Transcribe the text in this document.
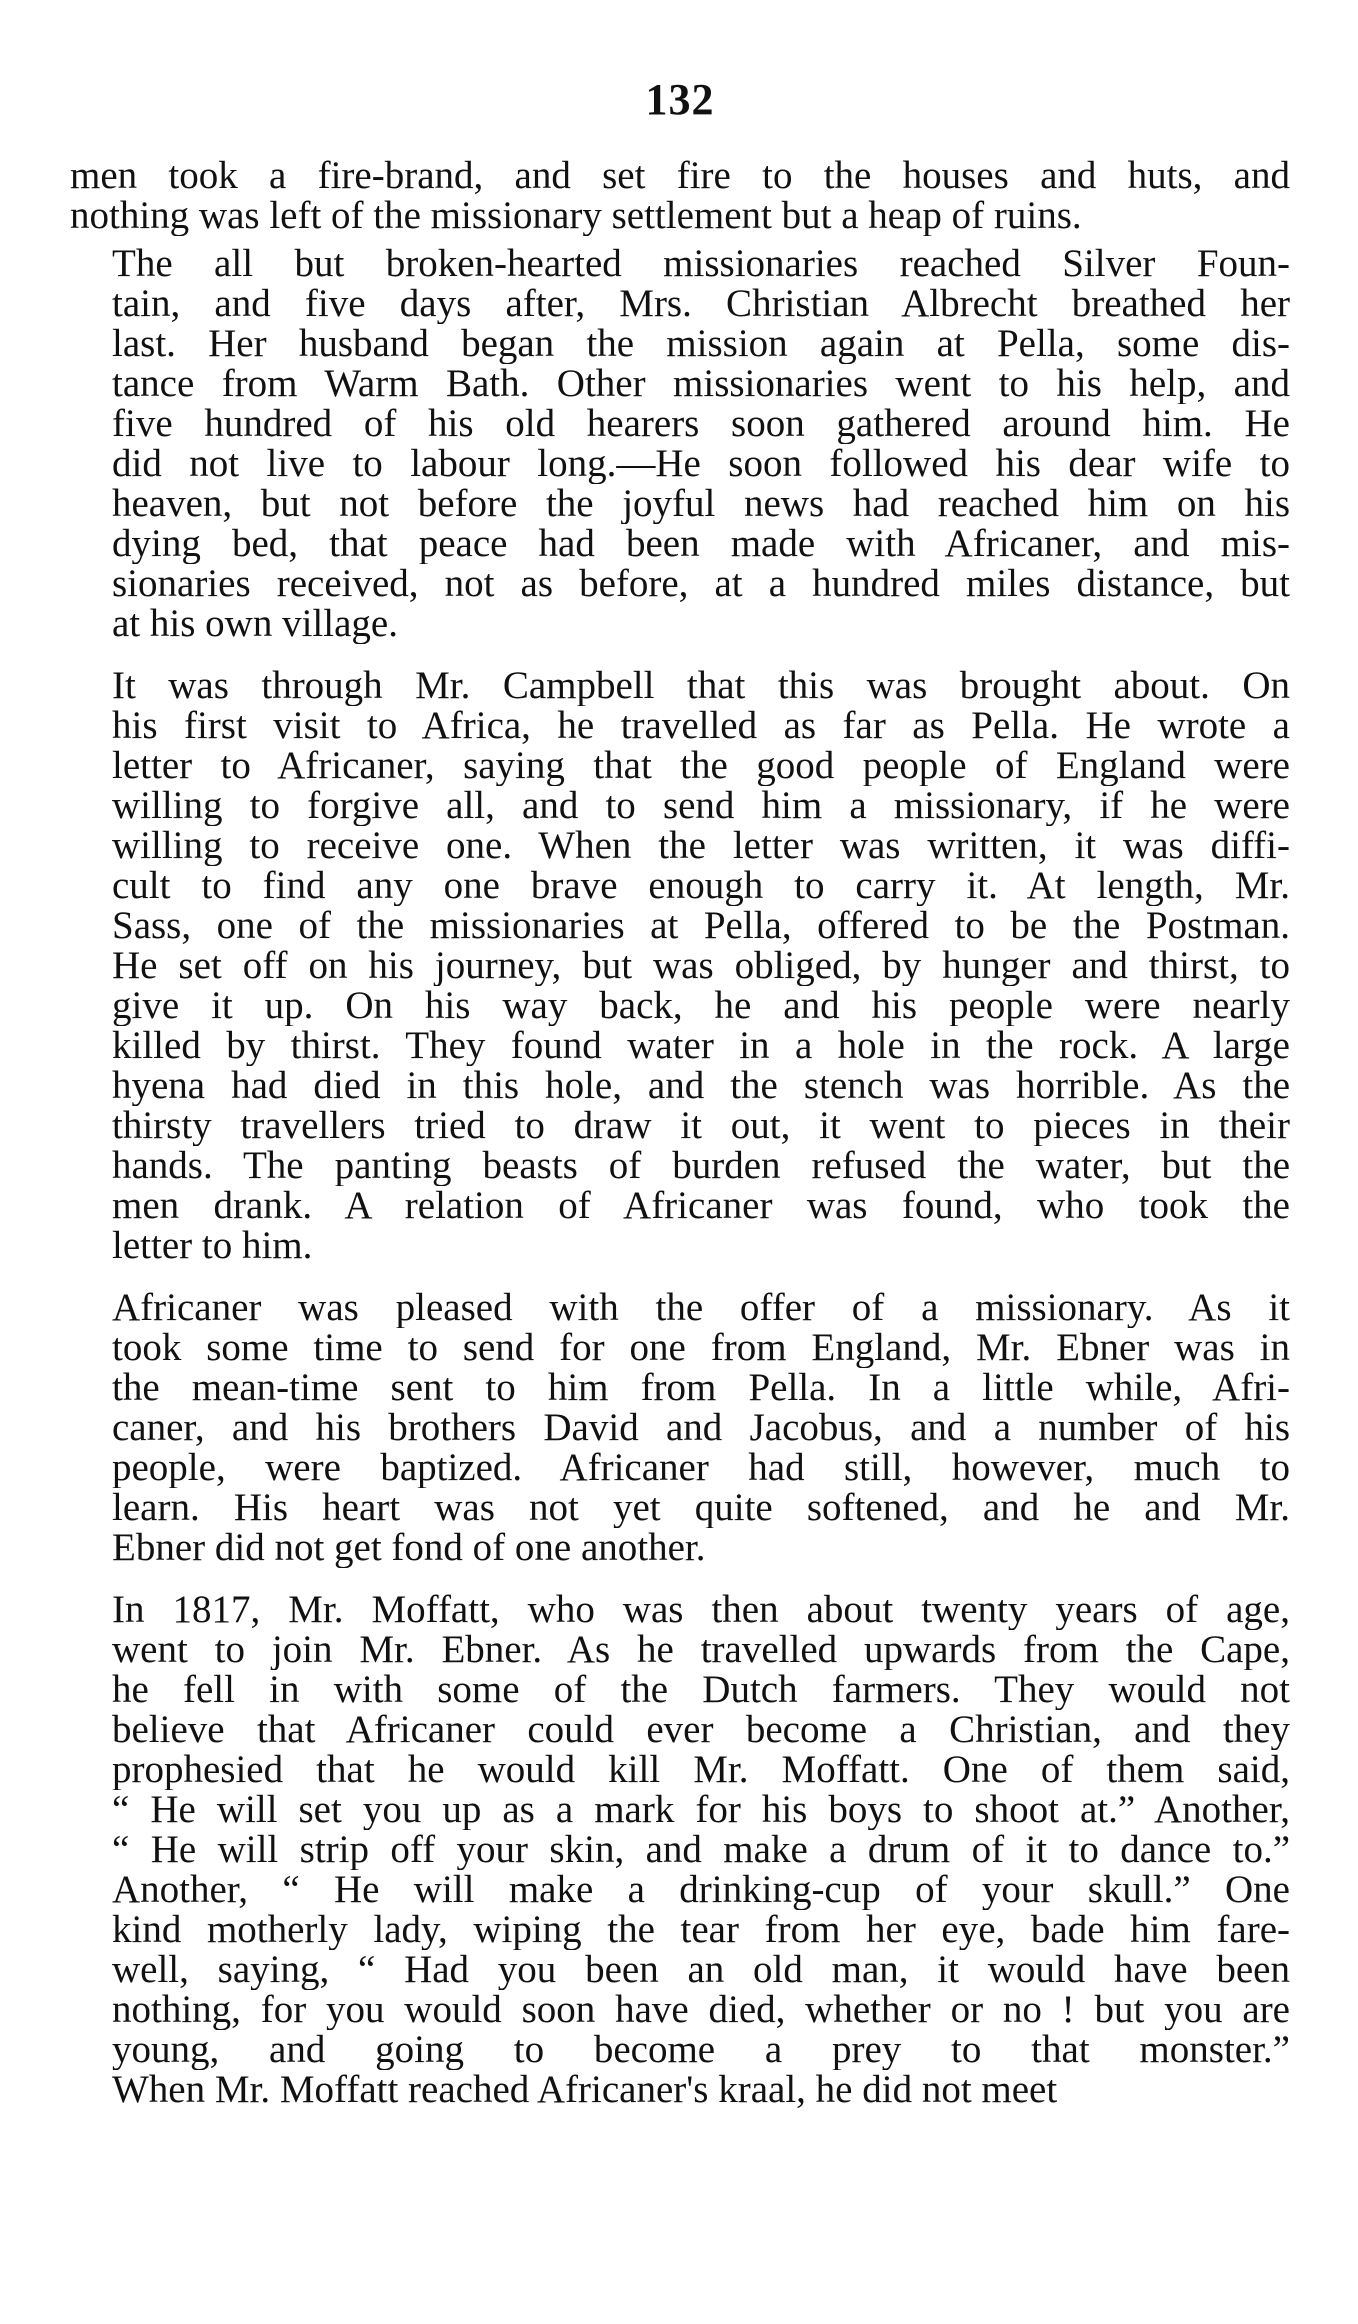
132
men took a fire-brand, and set fire to the houses and huts, and
nothing was left of the missionary settlement but a heap of ruins.
The all but broken-hearted missionaries reached Silver Foun-
tain, and five days after, Mrs. Christian Albrecht breathed her
last. Her husband began the mission again at Pella, some dis-
tance from Warm Bath. Other missionaries went to his help, and
five hundred of his old hearers soon gathered around him. He
did not live to labour long.—He soon followed his dear wife to
heaven, but not before the joyful news had reached him on his
dying bed, that peace had been made with Africaner, and mis-
sionaries received, not as before, at a hundred miles distance, but
at his own village.
It was through Mr. Campbell that this was brought about. On
his first visit to Africa, he travelled as far as Pella. He wrote a
letter to Africaner, saying that the good people of England were
willing to forgive all, and to send him a missionary, if he were
willing to receive one. When the letter was written, it was diffi-
cult to find any one brave enough to carry it. At length, Mr.
Sass, one of the missionaries at Pella, offered to be the Postman.
He set off on his journey, but was obliged, by hunger and thirst, to
give it up. On his way back, he and his people were nearly
killed by thirst. They found water in a hole in the rock. A large
hyena had died in this hole, and the stench was horrible. As the
thirsty travellers tried to draw it out, it went to pieces in their
hands. The panting beasts of burden refused the water, but the
men drank. A relation of Africaner was found, who took the
letter to him.
Africaner was pleased with the offer of a missionary. As it
took some time to send for one from England, Mr. Ebner was in
the mean-time sent to him from Pella. In a little while, Afri-
caner, and his brothers David and Jacobus, and a number of his
people, were baptized. Africaner had still, however, much to
learn. His heart was not yet quite softened, and he and Mr.
Ebner did not get fond of one another.
In 1817, Mr. Moffatt, who was then about twenty years of age,
went to join Mr. Ebner. As he travelled upwards from the Cape,
he fell in with some of the Dutch farmers. They would not
believe that Africaner could ever become a Christian, and they
prophesied that he would kill Mr. Moffatt. One of them said,
“ He will set you up as a mark for his boys to shoot at.” Another,
“ He will strip off your skin, and make a drum of it to dance to.”
Another, “ He will make a drinking-cup of your skull.” One
kind motherly lady, wiping the tear from her eye, bade him fare-
well, saying, “ Had you been an old man, it would have been
nothing, for you would soon have died, whether or no ! but you are
young, and going to become a prey to that monster.”
When Mr. Moffatt reached Africaner's kraal, he did not meet
